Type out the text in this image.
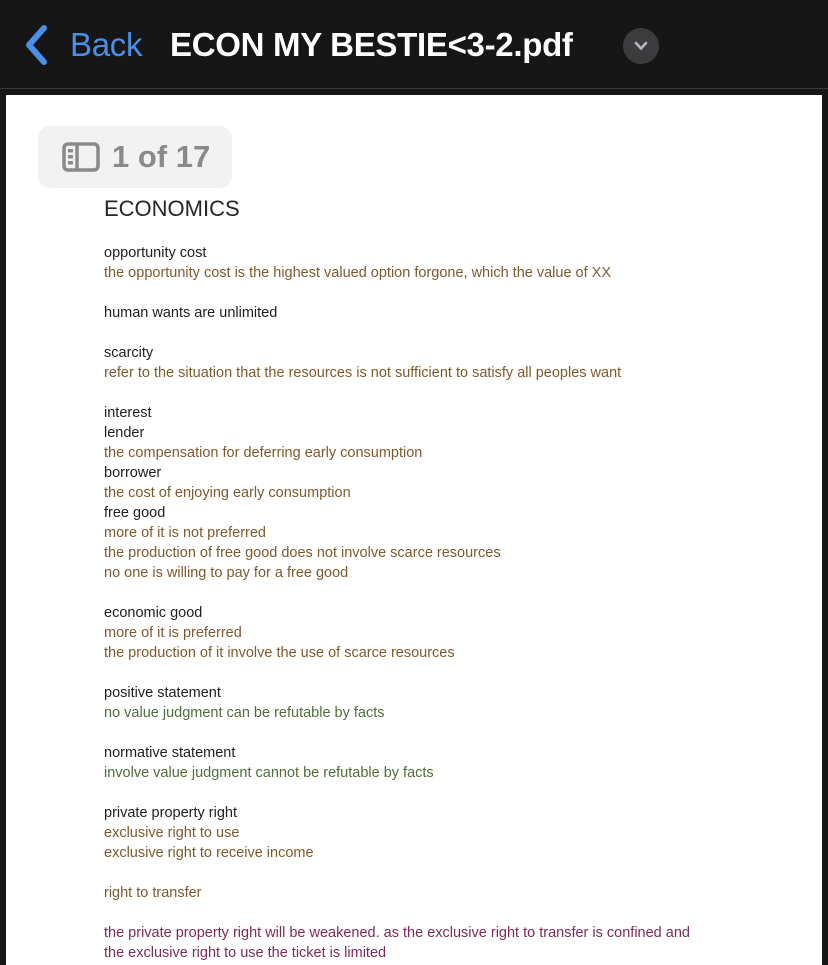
Back ECON MY BESTIE<3-2.pdf
1 of 17
ECONOMICS
opportunity cost
the opportunity cost is the highest valued option forgone, which the value of XX
human wants are unlimited
scarcity
refer to the situation that the resources is not sufficient to satisfy all peoples want
interest
lender
the compensation for deferring early consumption
borrower
the cost of enjoying early consumption
free good
more of it is not preferred
the production of free good does not involve scarce resources
no one is willing to pay for a free good
economic good
more of it is preferred
the production of it involve the use of scarce resources
positive statement
no value judgment can be refutable by facts
normative statement
involve value judgment cannot be refutable by facts
private property right
exclusive right to use
exclusive right to receive income
right to transfer
the private property right will be weakened. as the exclusive right to transfer is confined and
the exclusive right to use the ticket is limited
